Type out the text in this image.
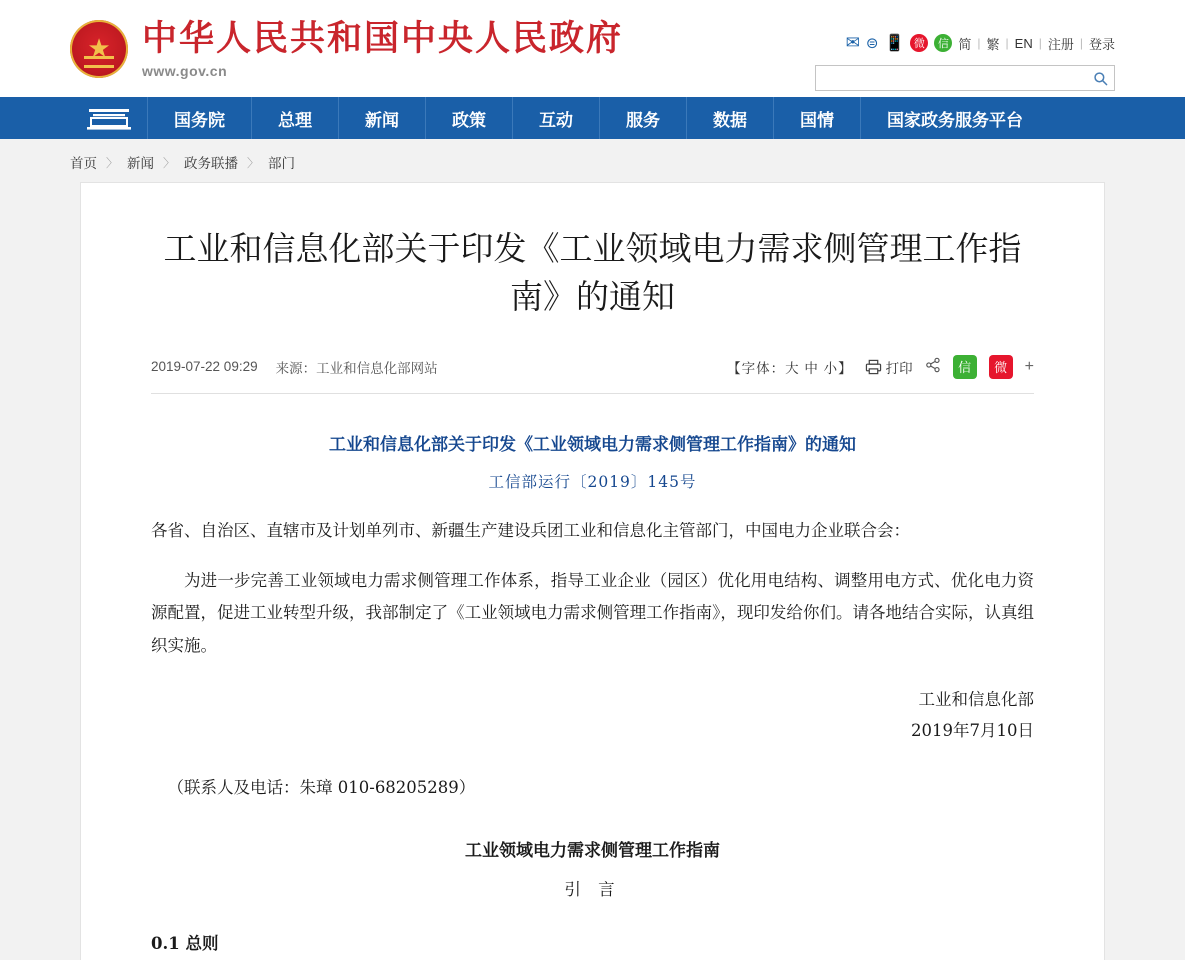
★ 中华人民共和国中央人民政府
www.gov.cn
✉ ⊜ 📱 微	信 简 | 繁 | EN | 注册 | 登录
国务院	总理	新闻	政策	互动	服务	数据	国情	国家政务服务平台
首页 〉 新闻 〉 政务联播 〉 部门
工业和信息化部关于印发《工业领域电力需求侧管理工作指南》的通知
2019-07-22 09:29 来源：工业和信息化部网站	【字体：大 中 小】 打印	信	微	+
工业和信息化部关于印发《工业领域电力需求侧管理工作指南》的通知
工信部运行〔2019〕145号

各省、自治区、直辖市及计划单列市、新疆生产建设兵团工业和信息化主管部门，中国电力企业联合会：

为进一步完善工业领域电力需求侧管理工作体系，指导工业企业（园区）优化用电结构、调整用电方式、优化电力资源配置，促进工业转型升级，我部制定了《工业领域电力需求侧管理工作指南》，现印发给你们。请各地结合实际，认真组织实施。

工业和信息化部
2019年7月10日

（联系人及电话：朱璋 010-68205289）

工业领域电力需求侧管理工作指南
引 言
0.1 总则
